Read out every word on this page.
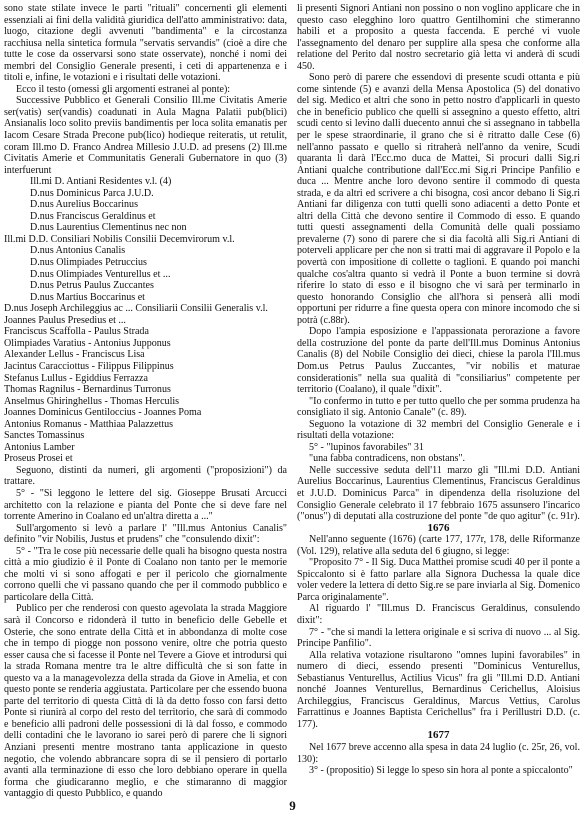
sono state stilate invece le parti "rituali" concernenti gli elementi essenziali ai fini della validità giuridica dell'atto amministrativo: data, luogo, citazione degli avvenuti "bandimenta" e la circostanza racchiusa nella sintetica formula "servatis servandis" (cioè a dire che tutte le cose da osservarsi sono state osservate), nonché i nomi dei membri del Consiglio Generale presenti, i ceti di appartenenza e i titoli e, infine, le votazioni e i risultati delle votazioni.

Ecco il testo (omessi gli argomenti estranei al ponte):

Successive Pubblico et Generali Consilio Ill.me Civitatis Amerie ser(vatis) ser(vandis) coadunati in Aula Magna Palatii pub(blici) Ansianalis loco solito previis bandimentis per loca solita emanatis per Iacom Cesare Strada Precone pub(lico) hodieque reiteratis, ut retulit, coram Ill.mo D. Franco Andrea Millesio J.U.D. ad presens (2) Ill.me Civitatis Amerie et Communitatis Generali Gubernatore in quo (3) interfuerunt

Ill.mi D. Antiani Residentes v.l. (4)

D.nus Dominicus Parca J.U.D.

D.nus Aurelius Boccarinus

D.nus Franciscus Geraldinus et

D.nus Laurentius Clementinus nec non

Ill.mi D.D. Consiliari Nobilis Consilii Decemvirorum v.l.

D.nus Antonius Canalis

D.nus Olimpiades Petruccius

D.nus Olimpiades Venturellus et ...

D.nus Petrus Paulus Zuccantes

D.nus Martius Boccarinus et

D.nus Joseph Archileggius ac ... Consiliarii Consilii Generalis v.l.

Joannes Paulus Presedius et ...

Franciscus Scaffolla - Paulus Strada

Olimpiades Varatius - Antonius Jupponus

Alexander Lellus - Franciscus Lisa

Jacintus Caracciottus - Filippus Filippinus

Stefanus Lullus - Egiddius Ferrazza

Thomas Ragnilus - Bernardinus Turronus

Anselmus Ghiringhellus - Thomas Herculis

Joannes Dominicus Gentiloccius - Joannes Poma

Antonius Romanus - Matthiaa Palazzettus

Sanctes Tomassinus

Antonius Lamber

Proseus Prosei et

Seguono, distinti da numeri, gli argomenti ("proposizioni") da trattare.

5° - "Si leggono le lettere del sig. Gioseppe Brusati Arcucci architetto con la relazione e pianta del Ponte che si deve fare nel torrente Amerino in Coalano ed un'altra diretta a ..."

Sull'argomento si levò a parlare l' "Ill.mus Antonius Canalis" definito "vir Nobilis, Justus et prudens" che "consulendo dixit":

5° - "Tra le cose più necessarie delle quali ha bisogno questa nostra città a mio giudizio è il Ponte di Coalano non tanto per le memorie che molti vi si sono affogati e per il pericolo che giornalmente corrono quelli che vi passano quando che per il commodo pubblico e particolare della Città.

Publico per che renderosi con questo agevolata la strada Maggiore sarà il Concorso e ridonderà il tutto in beneficio delle Gebelle et Osterie, che sono entrate della Città et in abbondanza di molte cose che in tempo di piogge non possono venire, oltre che potria questo esser causa che si facesse il Ponte nel Tevere a Giove et introdursi qui la strada Romana mentre tra le altre difficultà che si son fatte in questo va a la managevolezza della strada da Giove in Amelia, et con questo ponte se renderia aggiustata. Particolare per che essendo buona parte del territorio di questa Città di là da detto fosso con farsi detto Ponte si riunirà al corpo del resto del territorio, che sarà di commodo e beneficio alli padroni delle possessioni di là dal fosso, e commodo delli contadini che le lavorano io sarei però di parere che li signori Anziani presenti mentre mostrano tanta applicazione in questo negotio, che volendo abbrancare sopra di se il pensiero di portarlo avanti alla terminazione di esso che loro debbiano operare in quella forma che giudicaranno meglio, e che stimaranno di maggior vantaggio di questo Pubblico, e quando

li presenti Signori Antiani non possino o non voglino applicare che in questo caso elegghino loro quattro Gentilhomini che stimeranno habili et a proposito a questa faccenda. E perché vi vuole l'assegnamento del denaro per supplire alla spesa che conforme alla relatione del Perito dal nostro secretario già letta vi anderà di scudi 450.

Sono però di parere che essendovi di presente scudi ottanta e più come sintende (5) e avanzi della Mensa Apostolica (5) del donativo del sig. Medico et altri che sono in petto nostro d'applicarli in questo che in beneficio publico che quelli si assegnino a questo effetto, altri scudi cento si levino dalli duecento annui che si assegnano in tabbella per le spese straordinarie, il grano che si è ritratto dalle Cese (6) nell'anno passato e quello si ritraherà nell'anno da venire, Scudi quaranta li darà l'Ecc.mo duca de Mattei, Si procuri dalli Sig.ri Antiani qualche contributione dall'Ecc.mi Sig.ri Principe Panfilio e duca ... Mentre anche loro devono sentire il commodo di questa strada, e da altri ed scrivere a chi bisogna, così ancor debano li Sig.ri Antiani far diligenza con tutti quelli sono adiacenti a detto Ponte et altri della Città che devono sentire il Commodo di esso. E quando tutti questi assegnamenti della Comunità delle quali possiamo prevalerne (7) sono di parere che si dia facoltà alli Sig.ri Antiani di poterveli applicare per che non si tratti mai di aggravare il Popolo e la povertà con impositione di collette o taglioni. E quando poi manchi qualche cos'altra quanto si vedrà il Ponte a buon termine si dovrà riferire lo stato di esso e il bisogno che vi sarà per terminarlo in questo honorando Consiglio che all'hora si penserà alli modi opportuni per ridurre a fine questa opera con minore incomodo che si potrà (c.88r).

Dopo l'ampia esposizione e l'appassionata perorazione a favore della costruzione del ponte da parte dell'Ill.mus Dominus Antonius Canalis (8) del Nobile Consiglio dei dieci, chiese la parola l'Ill.mus Dom.us Petrus Paulus Zuccantes, "vir nobilis et maturae considerationis" nella sua qualità di "consiliarius" competente per territorio (Coalano), il quale "dixit".

"Io confermo in tutto e per tutto quello che per somma prudenza ha consigliato il sig. Antonio Canale" (c. 89).

Seguono la votazione di 32 membri del Consiglio Generale e i risultati della votazione:

5° - "lupinos favorabiles" 31

"una fabba contradicens, non obstans".

Nelle successive seduta dell'11 marzo gli "Ill.mi D.D. Antiani Aurelius Boccarinus, Laurentius Clementinus, Franciscus Geraldinus et J.U.D. Dominicus Parca" in dipendenza della risoluzione del Consiglio Generale celebrato il 17 febbraio 1675 assunsero l'incarico ("onus") di deputati alla costruzione del ponte "de quo agitur" (c. 91r).

1676

Nell'anno seguente (1676) (carte 177, 177r, 178, delle Riformanze (Vol. 129), relative alla seduta del 6 giugno, si legge:

"Proposito 7° - Il Sig. Duca Matthei promise scudi 40 per il ponte a Spiccalonto si è fatto parlare alla Signora Duchessa la quale dice voler vedere la lettera di detto Sig.re se pare inviarla al Sig. Domenico Parca originalamente".

Al riguardo l' "Ill.mus D. Franciscus Geraldinus, consulendo dixit":

7° - "che si mandi la lettera originale e si scriva di nuovo ... al Sig. Principe Panfilio".

Alla relativa votazione risultarono "omnes lupini favorabiles" in numero di dieci, essendo presenti "Dominicus Venturellus, Sebastianus Venturellus, Actilius Vicus" fra gli "Ill.mi D.D. Antiani nonché Joannes Venturellus, Bernardinus Cerichellus, Aloisius Archileggius, Franciscus Geraldinus, Marcus Vettius, Carolus Farrattinus e Joannes Baptista Cerichellus" fra i Perillustri D.D. (c. 177).

1677

Nel 1677 breve accenno alla spesa in data 24 luglio (c. 25r, 26, vol. 130):

3° - (propositio) Si legge lo speso sin hora al ponte a spiccalonto"

9
